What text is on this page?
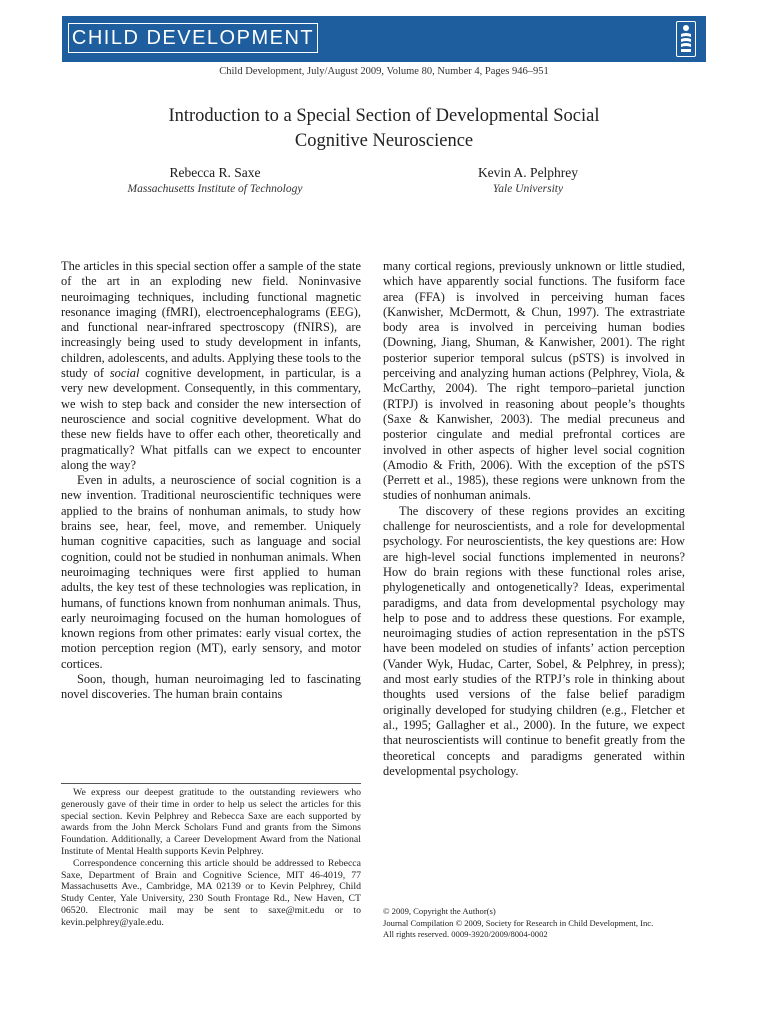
CHILD DEVELOPMENT
Child Development, July/August 2009, Volume 80, Number 4, Pages 946–951
Introduction to a Special Section of Developmental Social
Cognitive Neuroscience
Rebecca R. Saxe
Massachusetts Institute of Technology
Kevin A. Pelphrey
Yale University

The articles in this special section offer a sample of the state of the art in an exploding new field. Noninvasive neuroimaging techniques, including functional magnetic resonance imaging (fMRI), electroencephalograms (EEG), and functional near-infrared spectroscopy (fNIRS), are increasingly being used to study development in infants, children, adolescents, and adults. Applying these tools to the study of social cognitive development, in particular, is a very new development. Consequently, in this commentary, we wish to step back and consider the new intersection of neuroscience and social cognitive development. What do these new fields have to offer each other, theoretically and pragmatically? What pitfalls can we expect to encounter along the way?

Even in adults, a neuroscience of social cognition is a new invention. Traditional neuroscientific techniques were applied to the brains of nonhuman animals, to study how brains see, hear, feel, move, and remember. Uniquely human cognitive capacities, such as language and social cognition, could not be studied in nonhuman animals. When neuroimaging techniques were first applied to human adults, the key test of these technologies was replication, in humans, of functions known from nonhuman animals. Thus, early neuroimaging focused on the human homologues of known regions from other primates: early visual cortex, the motion perception region (MT), early sensory, and motor cortices.

Soon, though, human neuroimaging led to fascinating novel discoveries. The human brain contains

many cortical regions, previously unknown or little studied, which have apparently social functions. The fusiform face area (FFA) is involved in perceiving human faces (Kanwisher, McDermott, & Chun, 1997). The extrastriate body area is involved in perceiving human bodies (Downing, Jiang, Shuman, & Kanwisher, 2001). The right posterior superior temporal sulcus (pSTS) is involved in perceiving and analyzing human actions (Pelphrey, Viola, & McCarthy, 2004). The right temporo–parietal junction (RTPJ) is involved in reasoning about people’s thoughts (Saxe & Kanwisher, 2003). The medial precuneus and posterior cingulate and medial prefrontal cortices are involved in other aspects of higher level social cognition (Amodio & Frith, 2006). With the exception of the pSTS (Perrett et al., 1985), these regions were unknown from the studies of nonhuman animals.

The discovery of these regions provides an exciting challenge for neuroscientists, and a role for developmental psychology. For neuroscientists, the key questions are: How are high-level social functions implemented in neurons? How do brain regions with these functional roles arise, phylogenetically and ontogenetically? Ideas, experimental paradigms, and data from developmental psychology may help to pose and to address these questions. For example, neuroimaging studies of action representation in the pSTS have been modeled on studies of infants’ action perception (Vander Wyk, Hudac, Carter, Sobel, & Pelphrey, in press); and most early studies of the RTPJ’s role in thinking about thoughts used versions of the false belief paradigm originally developed for studying children (e.g., Fletcher et al., 1995; Gallagher et al., 2000). In the future, we expect that neuroscientists will continue to benefit greatly from the theoretical concepts and paradigms generated within developmental psychology.

We express our deepest gratitude to the outstanding reviewers who generously gave of their time in order to help us select the articles for this special section. Kevin Pelphrey and Rebecca Saxe are each supported by awards from the John Merck Scholars Fund and grants from the Simons Foundation. Additionally, a Career Development Award from the National Institute of Mental Health supports Kevin Pelphrey.

Correspondence concerning this article should be addressed to Rebecca Saxe, Department of Brain and Cognitive Science, MIT 46-4019, 77 Massachusetts Ave., Cambridge, MA 02139 or to Kevin Pelphrey, Child Study Center, Yale University, 230 South Frontage Rd., New Haven, CT 06520. Electronic mail may be sent to saxe@mit.edu or to kevin.pelphrey@yale.edu.

© 2009, Copyright the Author(s)
Journal Compilation © 2009, Society for Research in Child Development, Inc.
All rights reserved. 0009-3920/2009/8004-0002
